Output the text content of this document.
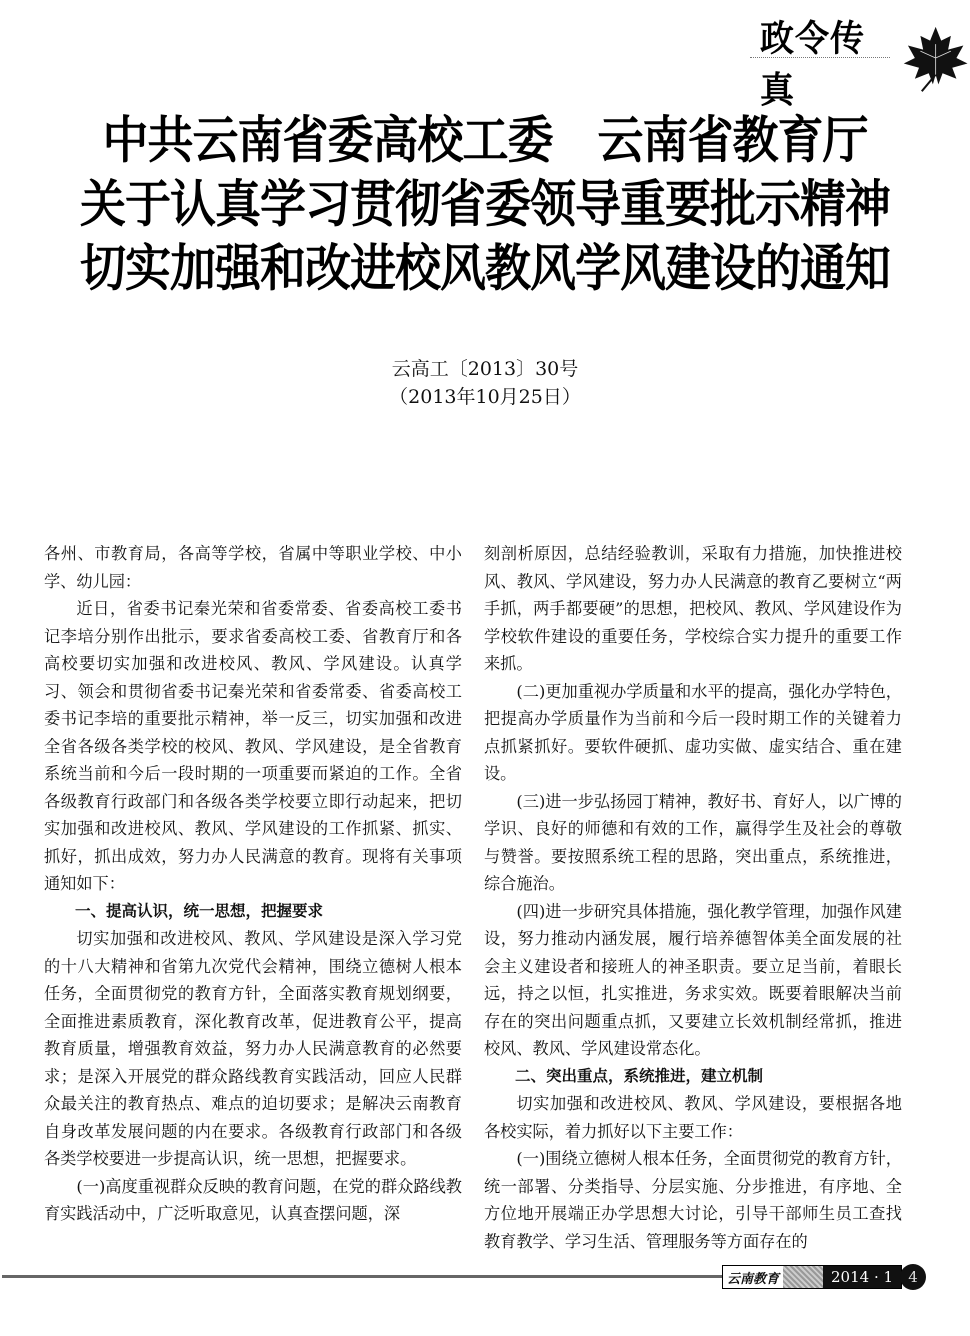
政令传真
中共云南省委高校工委　云南省教育厅
关于认真学习贯彻省委领导重要批示精神
切实加强和改进校风教风学风建设的通知
云高工〔2013〕30号
（2013年10月25日）

各州、市教育局，各高等学校，省属中等职业学校、中小学、幼儿园：

近日，省委书记秦光荣和省委常委、省委高校工委书记李培分别作出批示，要求省委高校工委、省教育厅和各高校要切实加强和改进校风、教风、学风建设。认真学习、领会和贯彻省委书记秦光荣和省委常委、省委高校工委书记李培的重要批示精神，举一反三，切实加强和改进全省各级各类学校的校风、教风、学风建设，是全省教育系统当前和今后一段时期的一项重要而紧迫的工作。全省各级教育行政部门和各级各类学校要立即行动起来，把切实加强和改进校风、教风、学风建设的工作抓紧、抓实、抓好，抓出成效，努力办人民满意的教育。现将有关事项通知如下：

一、提高认识，统一思想，把握要求

切实加强和改进校风、教风、学风建设是深入学习党的十八大精神和省第九次党代会精神，围绕立德树人根本任务，全面贯彻党的教育方针，全面落实教育规划纲要，全面推进素质教育，深化教育改革，促进教育公平，提高教育质量，增强教育效益，努力办人民满意教育的必然要求；是深入开展党的群众路线教育实践活动，回应人民群众最关注的教育热点、难点的迫切要求；是解决云南教育自身改革发展问题的内在要求。各级教育行政部门和各级各类学校要进一步提高认识，统一思想，把握要求。

(一)高度重视群众反映的教育问题，在党的群众路线教育实践活动中，广泛听取意见，认真查摆问题，深

刻剖析原因，总结经验教训，采取有力措施，加快推进校风、教风、学风建设，努力办人民满意的教育乙要树立“两手抓，两手都要硬”的思想，把校风、教风、学风建设作为学校软件建设的重要任务，学校综合实力提升的重要工作来抓。

(二)更加重视办学质量和水平的提高，强化办学特色，把提高办学质量作为当前和今后一段时期工作的关键着力点抓紧抓好。要软件硬抓、虚功实做、虚实结合、重在建设。

(三)进一步弘扬园丁精神，教好书、育好人，以广博的学识、良好的师德和有效的工作，赢得学生及社会的尊敬与赞誉。要按照系统工程的思路，突出重点，系统推进，综合施治。

(四)进一步研究具体措施，强化教学管理，加强作风建设，努力推动内涵发展，履行培养德智体美全面发展的社会主义建设者和接班人的神圣职责。要立足当前，着眼长远，持之以恒，扎实推进，务求实效。既要着眼解决当前存在的突出问题重点抓，又要建立长效机制经常抓，推进校风、教风、学风建设常态化。

二、突出重点，系统推进，建立机制

切实加强和改进校风、教风、学风建设，要根据各地各校实际，着力抓好以下主要工作：

(一)围绕立德树人根本任务，全面贯彻党的教育方针，统一部署、分类指导、分层实施、分步推进，有序地、全方位地开展端正办学思想大讨论，引导干部师生员工查找教育教学、学习生活、管理服务等方面存在的

云南教育	2014 · 1	4
